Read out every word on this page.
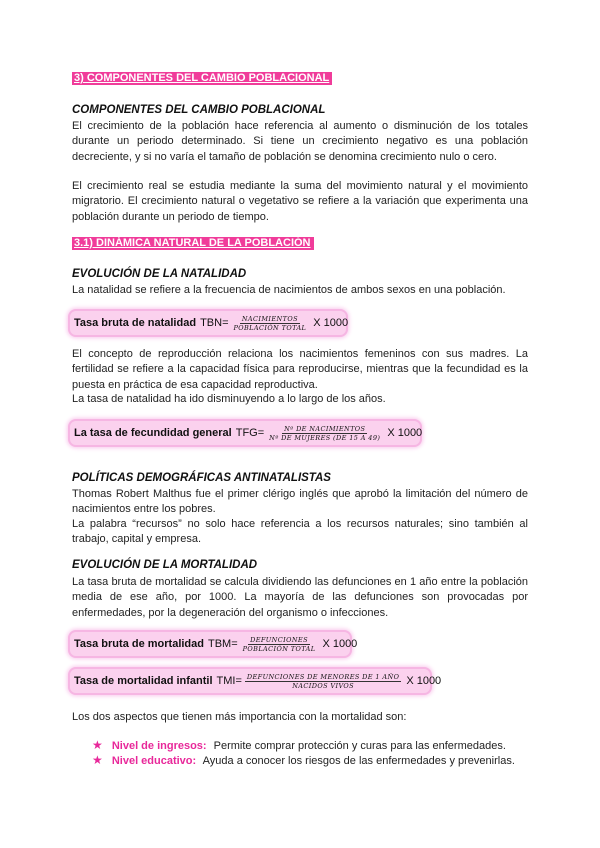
3) COMPONENTES DEL CAMBIO POBLACIONAL
COMPONENTES DEL CAMBIO POBLACIONAL

El crecimiento de la población hace referencia al aumento o disminución de los totales durante un periodo determinado. Si tiene un crecimiento negativo es una población decreciente, y si no varía el tamaño de población se denomina crecimiento nulo o cero.

El crecimiento real se estudia mediante la suma del movimiento natural y el movimiento migratorio. El crecimiento natural o vegetativo se refiere a la variación que experimenta una población durante un periodo de tiempo.

3.1) DINÁMICA NATURAL DE LA POBLACIÓN
EVOLUCIÓN DE LA NATALIDAD
La natalidad se refiere a la frecuencia de nacimientos de ambos sexos en una población.
Tasa bruta de natalidad $TBN= \frac{\text{NACIMIENTOS}}{\text{POBLACIÓN TOTAL}}$ X 1000

El concepto de reproducción relaciona los nacimientos femeninos con sus madres. La fertilidad se refiere a la capacidad física para reproducirse, mientras que la fecundidad es la puesta en práctica de esa capacidad reproductiva.

La tasa de natalidad ha ido disminuyendo a lo largo de los años.
La tasa de fecundidad general $TFG= \frac{\text{Nº DE NACIMIENTOS}}{\text{Nº DE MUJERES (DE 15 A 49)}}$ X 1000
POLÍTICAS DEMOGRÁFICAS ANTINATALISTAS

Thomas Robert Malthus fue el primer clérigo inglés que aprobó la limitación del número de nacimientos entre los pobres.

La palabra “recursos” no solo hace referencia a los recursos naturales; sino también al trabajo, capital y empresa.

EVOLUCIÓN DE LA MORTALIDAD

La tasa bruta de mortalidad se calcula dividiendo las defunciones en 1 año entre la población media de ese año, por 1000. La mayoría de las defunciones son provocadas por enfermedades, por la degeneración del organismo o infecciones.

Tasa bruta de mortalidad $TBM= \frac{\text{DEFUNCIONES}}{\text{POBLACIÓN TOTAL}}$ X 1000
Tasa de mortalidad infantil $TMI= \frac{\text{DEFUNCIONES DE MENORES DE 1 AÑO}}{\text{NACIDOS VIVOS}}$ X 1000
Los dos aspectos que tienen más importancia con la mortalidad son:
★ Nivel de ingresos: Permite comprar protección y curas para las enfermedades.
★ Nivel educativo: Ayuda a conocer los riesgos de las enfermedades y prevenirlas.
